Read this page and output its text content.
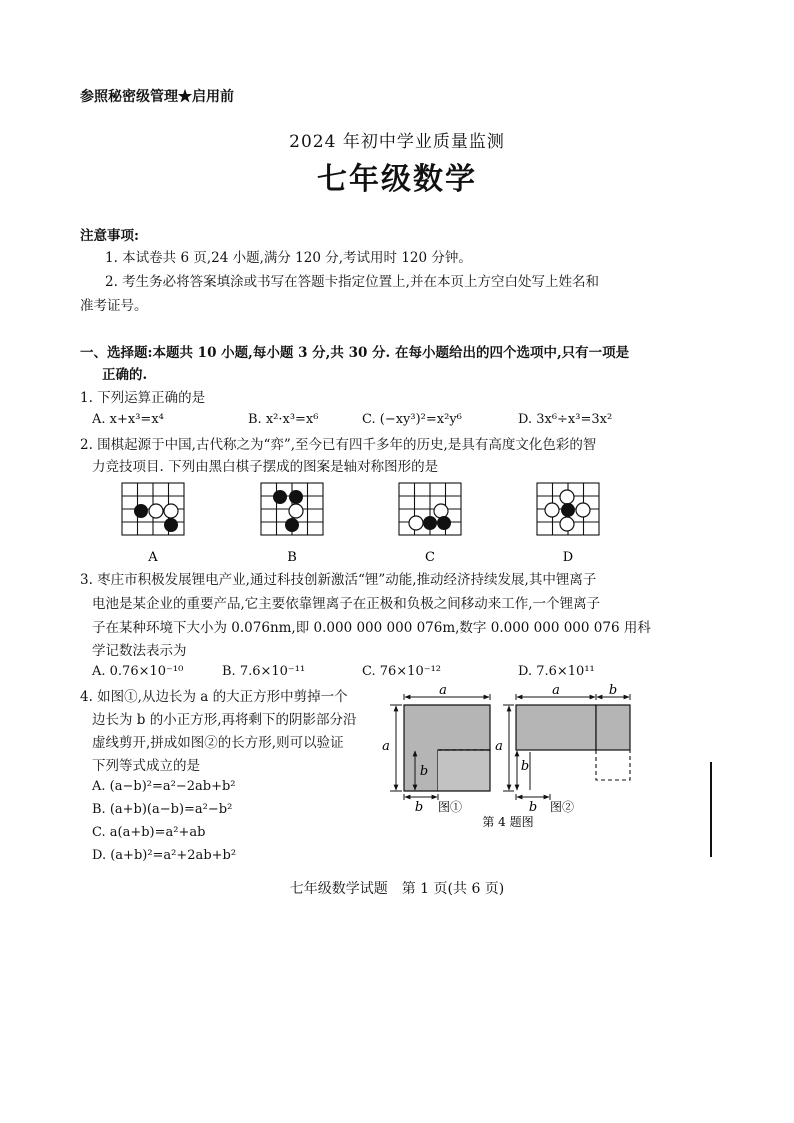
参照秘密级管理★启用前
2024 年初中学业质量监测
七年级数学
注意事项:
1. 本试卷共 6 页,24 小题,满分 120 分,考试用时 120 分钟。
2. 考生务必将答案填涂或书写在答题卡指定位置上,并在本页上方空白处写上姓名和
准考证号。
一、选择题:本题共 10 小题,每小题 3 分,共 30 分. 在每小题给出的四个选项中,只有一项是
正确的.
1. 下列运算正确的是
A. x+x³=x⁴	B. x²·x³=x⁶	C. (−xy³)²=x²y⁶	D. 3x⁶÷x³=3x²
2. 围棋起源于中国,古代称之为“弈”,至今已有四千多年的历史,是具有高度文化色彩的智
力竞技项目. 下列由黑白棋子摆成的图案是轴对称图形的是
A	B	C	D
3. 枣庄市积极发展锂电产业,通过科技创新激活“锂”动能,推动经济持续发展,其中锂离子
电池是某企业的重要产品,它主要依靠锂离子在正极和负极之间移动来工作,一个锂离子
子在某种环境下大小为 0.076nm,即 0.000 000 000 076m,数字 0.000 000 000 076 用科
学记数法表示为
A. 0.76×10⁻¹⁰	B. 7.6×10⁻¹¹	C. 76×10⁻¹²	D. 7.6×10¹¹
4. 如图①,从边长为 a 的大正方形中剪掉一个
边长为 b 的小正方形,再将剩下的阴影部分沿
虚线剪开,拼成如图②的长方形,则可以验证
下列等式成立的是
A. (a−b)²=a²−2ab+b²
B. (a+b)(a−b)=a²−b²
C. a(a+b)=a²+ab
D. (a+b)²=a²+2ab+b²
a
a
b
b 图①
a	b
a
b
b 图②
第 4 题图
七年级数学试题　第 1 页(共 6 页)
